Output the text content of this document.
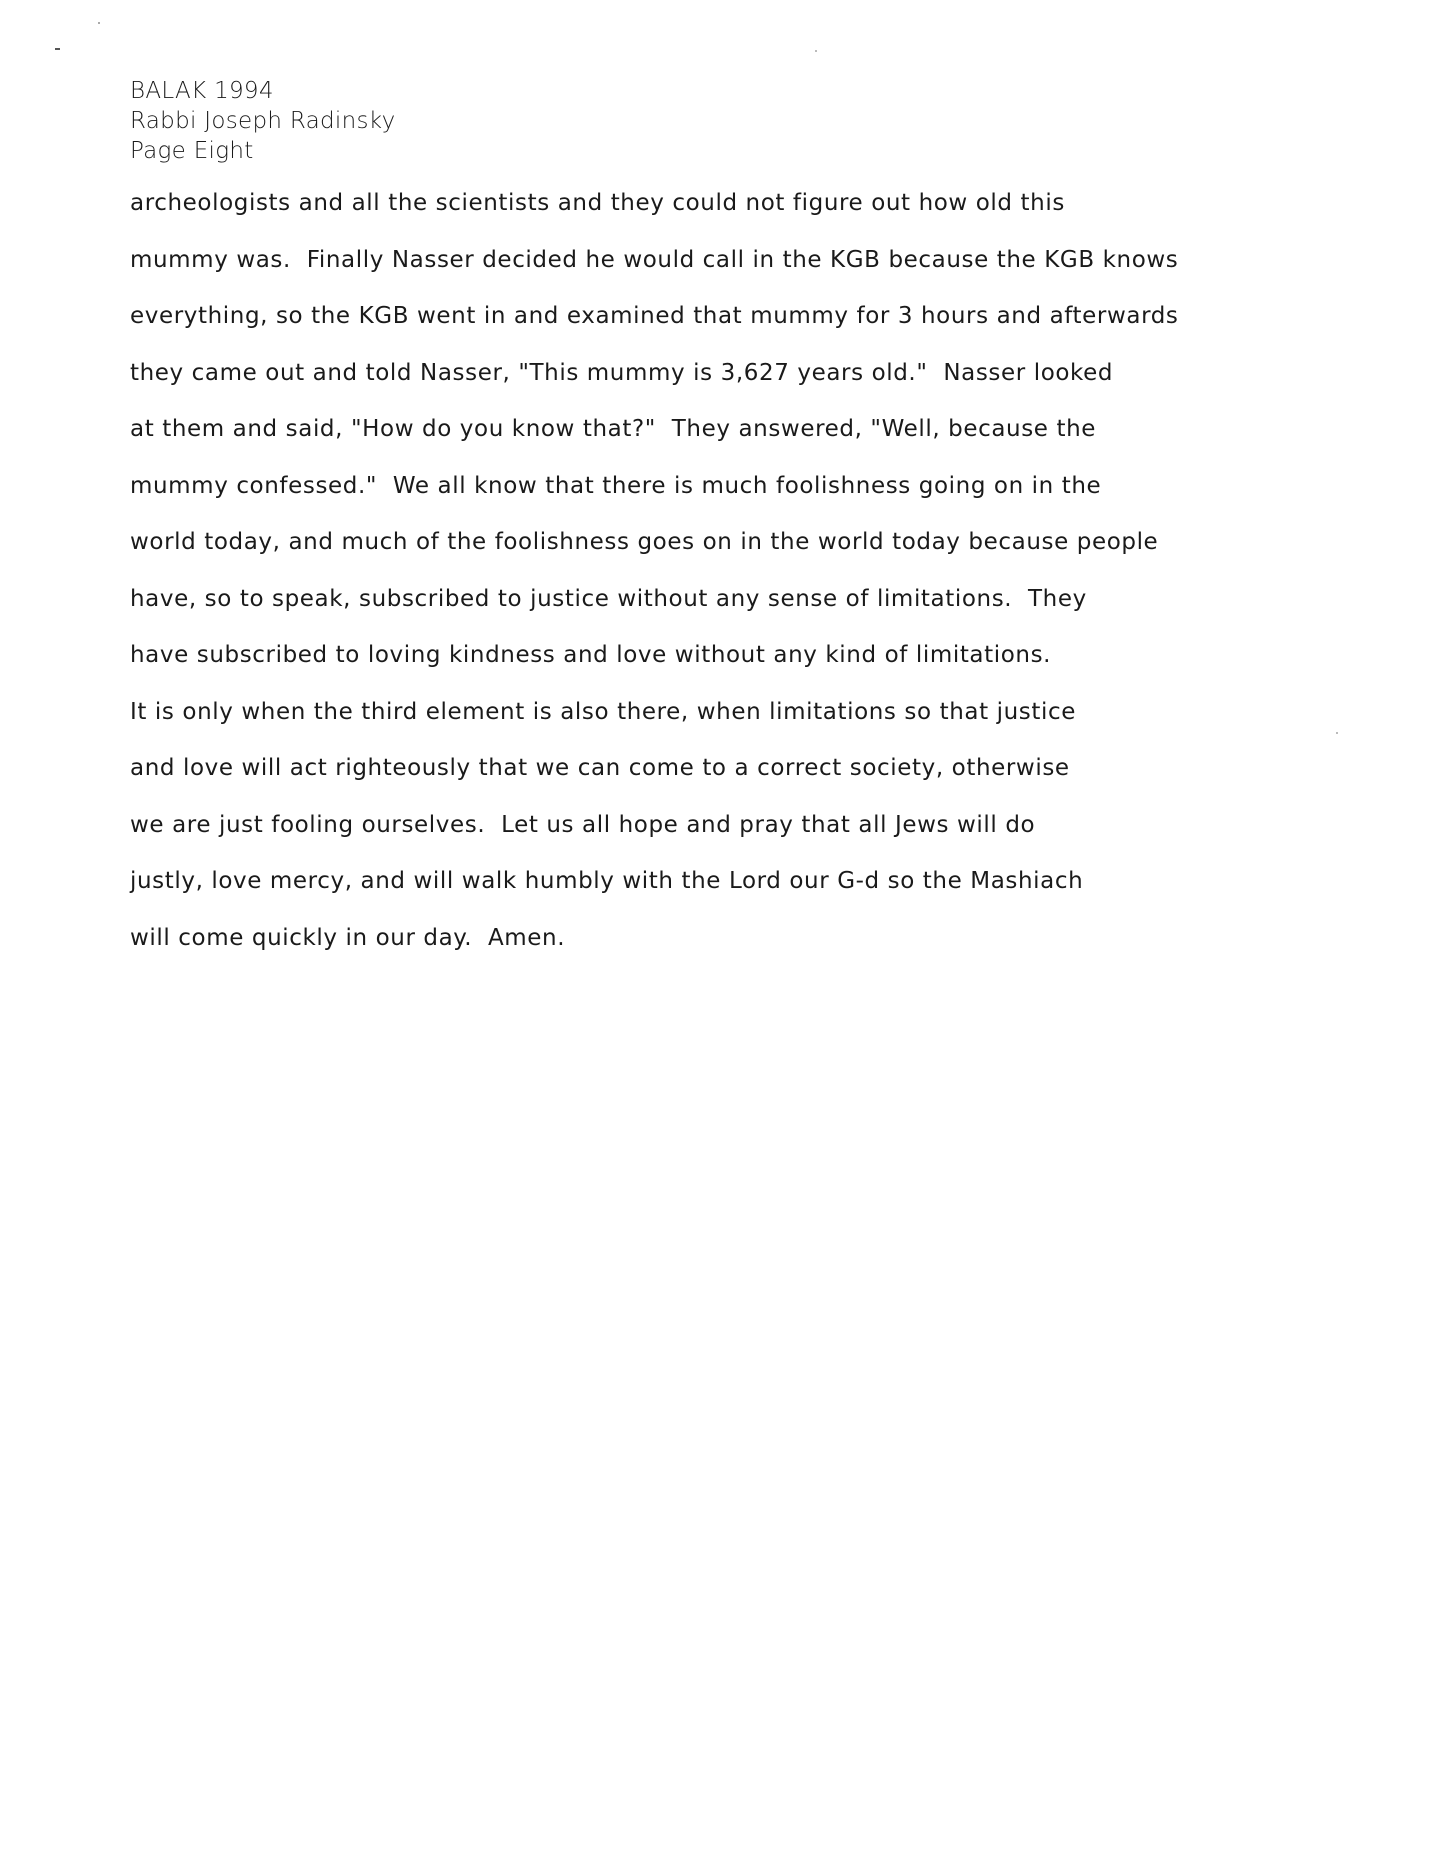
BALAK 1994
Rabbi Joseph Radinsky
Page Eight
archeologists and all the scientists and they could not figure out how old this
mummy was.  Finally Nasser decided he would call in the KGB because the KGB knows
everything, so the KGB went in and examined that mummy for 3 hours and afterwards
they came out and told Nasser, "This mummy is 3,627 years old."  Nasser looked
at them and said, "How do you know that?"  They answered, "Well, because the
mummy confessed."  We all know that there is much foolishness going on in the
world today, and much of the foolishness goes on in the world today because people
have, so to speak, subscribed to justice without any sense of limitations.  They
have subscribed to loving kindness and love without any kind of limitations.
It is only when the third element is also there, when limitations so that justice
and love will act righteously that we can come to a correct society, otherwise
we are just fooling ourselves.  Let us all hope and pray that all Jews will do
justly, love mercy, and will walk humbly with the Lord our G-d so the Mashiach
will come quickly in our day.  Amen.
